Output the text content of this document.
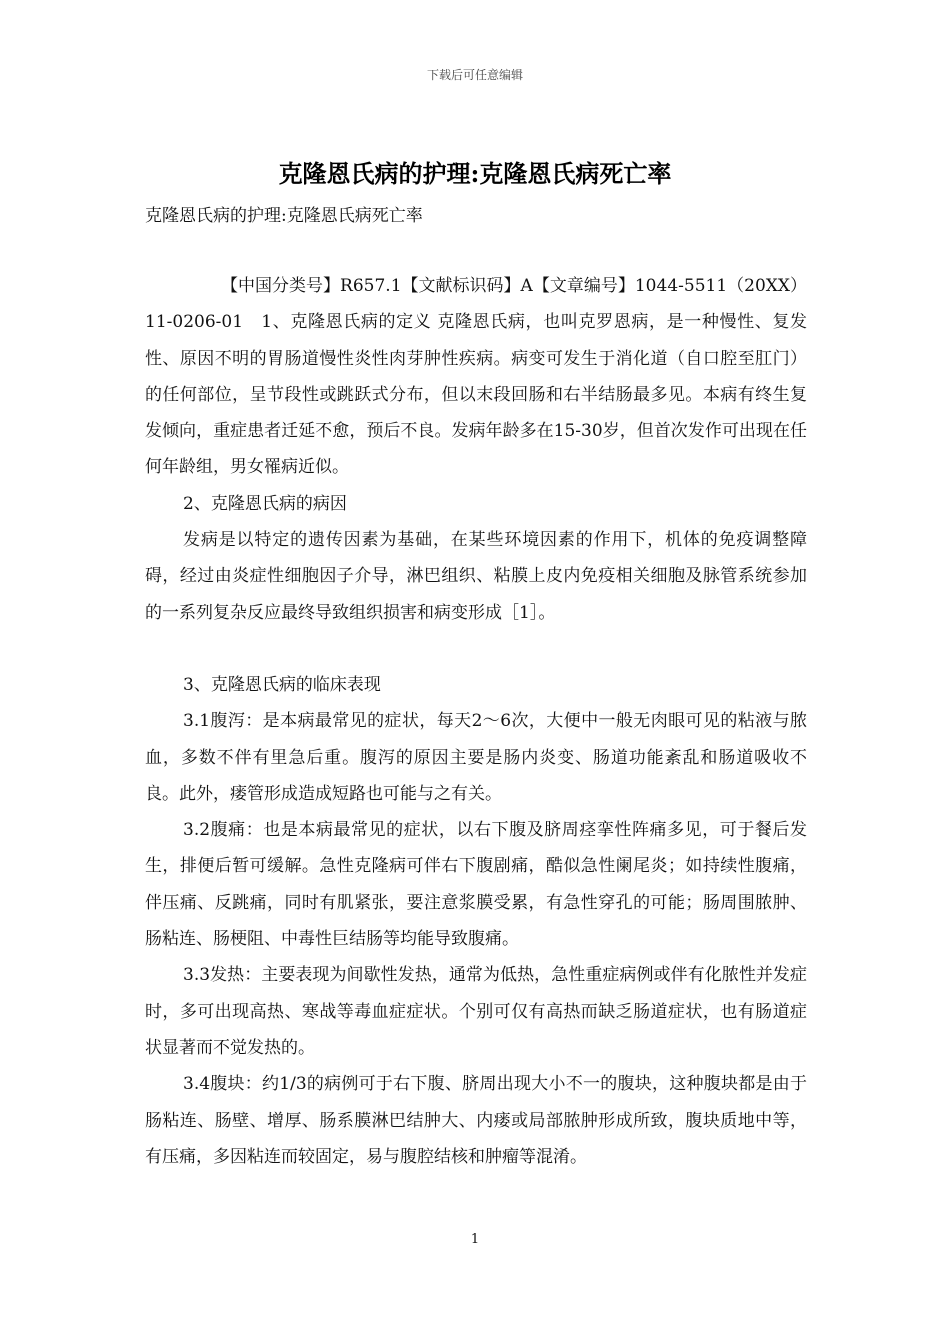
下载后可任意编辑
克隆恩氏病的护理:克隆恩氏病死亡率
克隆恩氏病的护理:克隆恩氏病死亡率

【中国分类号】R657.1【文献标识码】A【文章编号】1044-5511（20XX）11-0206-01　1、克隆恩氏病的定义 克隆恩氏病，也叫克罗恩病，是一种慢性、复发性、原因不明的胃肠道慢性炎性肉芽肿性疾病。病变可发生于消化道（自口腔至肛门）的任何部位，呈节段性或跳跃式分布，但以末段回肠和右半结肠最多见。本病有终生复发倾向，重症患者迁延不愈，预后不良。发病年龄多在15-30岁，但首次发作可出现在任何年龄组，男女罹病近似。

2、克隆恩氏病的病因

发病是以特定的遗传因素为基础，在某些环境因素的作用下，机体的免疫调整障碍，经过由炎症性细胞因子介导，淋巴组织、粘膜上皮内免疫相关细胞及脉管系统参加的一系列复杂反应最终导致组织损害和病变形成［1］。

3、克隆恩氏病的临床表现

3.1腹泻：是本病最常见的症状，每天2～6次，大便中一般无肉眼可见的粘液与脓血，多数不伴有里急后重。腹泻的原因主要是肠内炎变、肠道功能紊乱和肠道吸收不良。此外，瘘管形成造成短路也可能与之有关。

3.2腹痛：也是本病最常见的症状，以右下腹及脐周痉挛性阵痛多见，可于餐后发生，排便后暂可缓解。急性克隆病可伴右下腹剧痛，酷似急性阑尾炎；如持续性腹痛，伴压痛、反跳痛，同时有肌紧张，要注意浆膜受累，有急性穿孔的可能；肠周围脓肿、肠粘连、肠梗阻、中毒性巨结肠等均能导致腹痛。

3.3发热：主要表现为间歇性发热，通常为低热，急性重症病例或伴有化脓性并发症时，多可出现高热、寒战等毒血症症状。个别可仅有高热而缺乏肠道症状，也有肠道症状显著而不觉发热的。

3.4腹块：约1/3的病例可于右下腹、脐周出现大小不一的腹块，这种腹块都是由于肠粘连、肠壁、增厚、肠系膜淋巴结肿大、内瘘或局部脓肿形成所致，腹块质地中等，有压痛，多因粘连而较固定，易与腹腔结核和肿瘤等混淆。

1
